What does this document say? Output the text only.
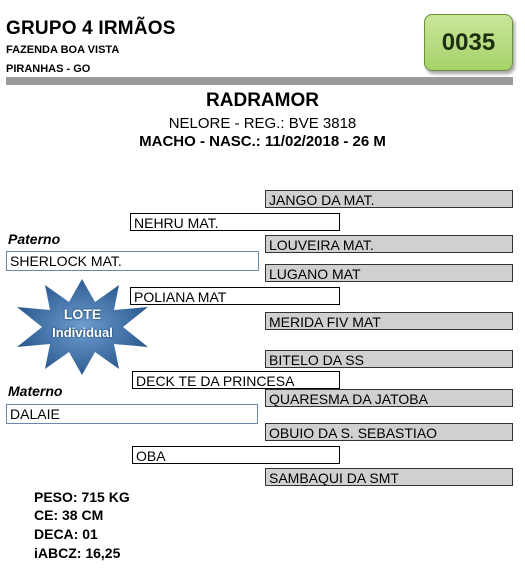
GRUPO 4 IRMÃOS
FAZENDA BOA VISTA
PIRANHAS - GO
0035
RADRAMOR
NELORE - REG.: BVE 3818
MACHO - NASC.: 11/02/2018 - 26 M
LOTE
Individual
Paterno
Materno
SHERLOCK MAT.
DALAIE
NEHRU MAT.
POLIANA MAT
DECK TE DA PRINCESA
OBA
JANGO DA MAT.
LOUVEIRA MAT.
LUGANO MAT
MERIDA FIV MAT
BITELO DA SS
QUARESMA DA JATOBA
OBUIO DA S. SEBASTIAO
SAMBAQUI DA SMT
PESO: 715 KG
CE: 38 CM
DECA: 01
iABCZ: 16,25
